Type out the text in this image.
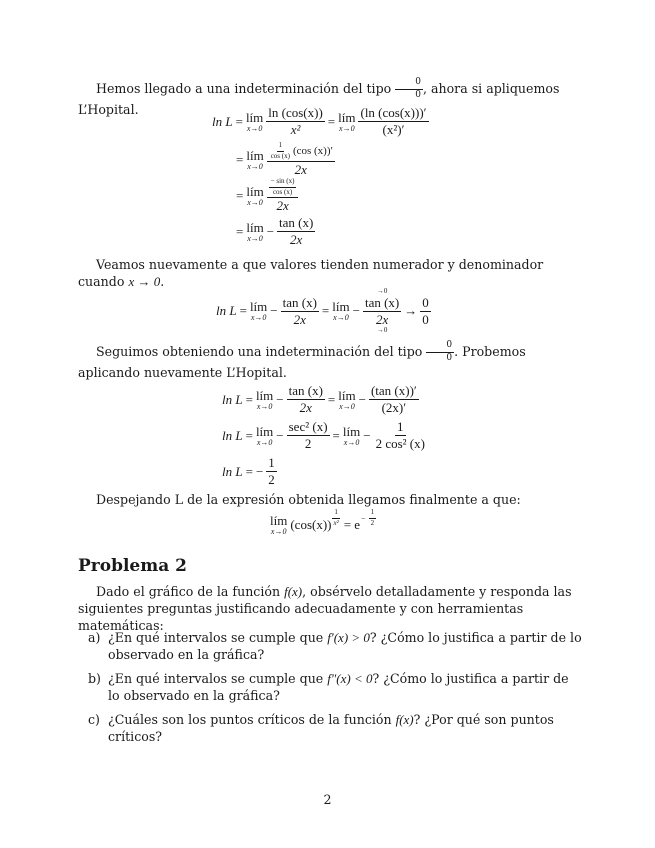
Hemos llegado a una indeterminación del tipo $\frac{0}{0}$ , ahora si apliquemos L’Hopital.
ln L = lím
$x\to 0 \frac{\ln (\cos(x))}{\text{x²}}$ = lím
$x\to 0 \frac{(\ln (\cos(x)))'}{\text{(x²)′}}$
= lím
$x\to 0 \frac{\frac{1}{\cos (x)} (\cos (x))'}{2x}$
= lím
$x\to 0 \frac{\frac{- \sin (x)}{\cos (x)}}{2x}$
= lím
$x\to 0 - \frac{\tan (x)}{2x}$
Veamos nuevamente a que valores tienden numerador y denominador cuando x → 0.
ln L = lím
$x\to 0 - \frac{\tan (x)}{2x}$ = lím
x→0 − →0
tan (x)
2x
$\to 0 \to \frac{0}{0}$
Seguimos obteniendo una indeterminación del tipo $\frac{0}{0}$ . Probemos aplicando nuevamente L’Hopital.
ln L = lím
$x\to 0 - \frac{\tan (x)}{2x}$ = lím
$x\to 0 - \frac{(\tan (x))'}{(2x)'}$
ln L = lím
$x\to 0 - \frac{\text{sec² (x)}}{2}$ = lím
$x\to 0 - \frac{1}{\text{2 cos² (x)}}$
ln L = − $\frac{1}{2}$
Despejando L de la expresión obtenida llegamos finalmente a que:
lím
x→0 $(\cos(x)) \frac{1}{\text{x²}} = e - \frac{1}{2}$
Problema 2
Dado el gráfico de la función f(x), obsérvelo detalladamente y responda las siguientes preguntas justificando adecuadamente y con herramientas matemáticas:
a) ¿En qué intervalos se cumple que f′(x) > 0? ¿Cómo lo justifica a partir de lo observado en la gráfica?
b) ¿En qué intervalos se cumple que f″(x) < 0? ¿Cómo lo justifica a partir de lo observado en la gráfica?
c) ¿Cuáles son los puntos críticos de la función f(x)? ¿Por qué son puntos críticos?
2
